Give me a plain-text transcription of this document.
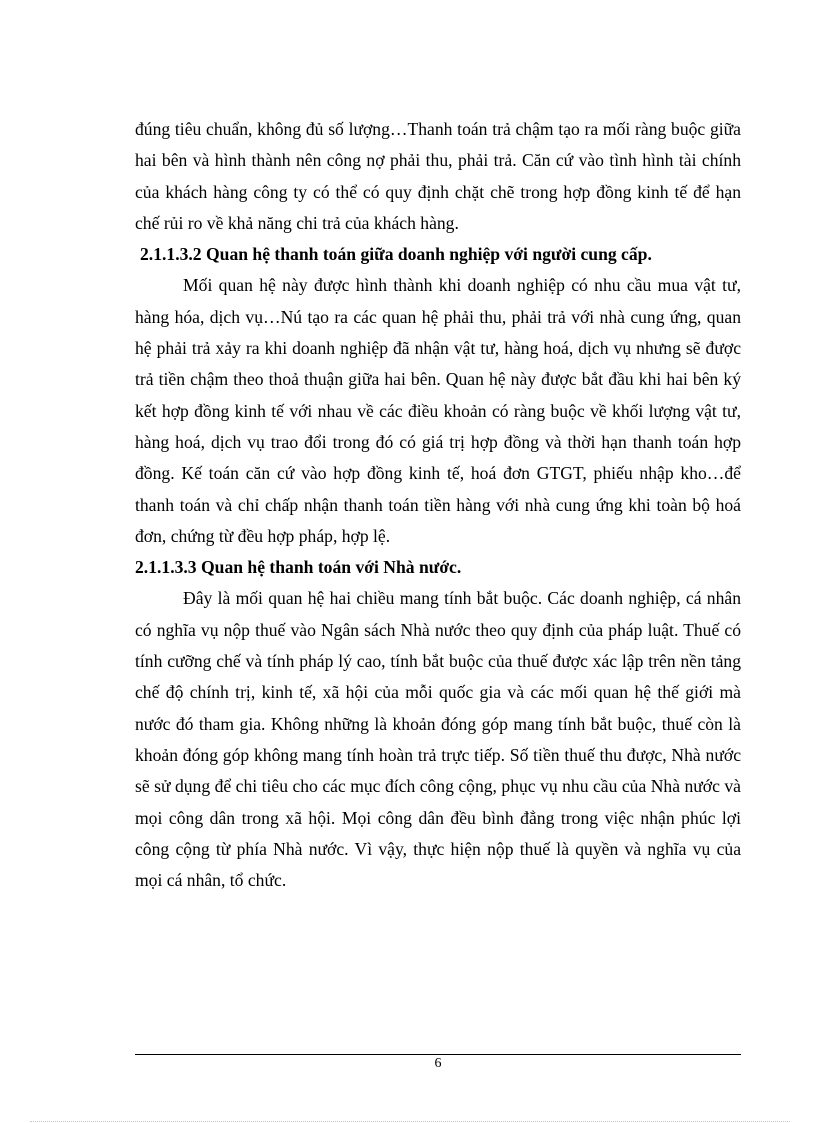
đúng tiêu chuẩn, không đủ số lượng…Thanh toán trả chậm tạo ra mối ràng buộc giữa hai bên và hình thành nên công nợ phải thu, phải trả. Căn cứ vào tình hình tài chính của khách hàng công ty có thể có quy định chặt chẽ trong hợp đồng kinh tế để hạn chế rủi ro về khả năng chi trả của khách hàng.

2.1.1.3.2 Quan hệ thanh toán giữa doanh nghiệp với người cung cấp.

Mối quan hệ này được hình thành khi doanh nghiệp có nhu cầu mua vật tư, hàng hóa, dịch vụ…Nú tạo ra các quan hệ phải thu, phải trả với nhà cung ứng, quan hệ phải trả xảy ra khi doanh nghiệp đã nhận vật tư, hàng hoá, dịch vụ nhưng sẽ được trả tiền chậm theo thoả thuận giữa hai bên. Quan hệ này được bắt đầu khi hai bên ký kết hợp đồng kinh tế với nhau về các điều khoản có ràng buộc về khối lượng vật tư, hàng hoá, dịch vụ trao đổi trong đó có giá trị hợp đồng và thời hạn thanh toán hợp đồng. Kế toán căn cứ vào hợp đồng kinh tế, hoá đơn GTGT, phiếu nhập kho…để thanh toán và chỉ chấp nhận thanh toán tiền hàng với nhà cung ứng khi toàn bộ hoá đơn, chứng từ đều hợp pháp, hợp lệ.

2.1.1.3.3 Quan hệ thanh toán với Nhà nước.

Đây là mối quan hệ hai chiều mang tính bắt buộc. Các doanh nghiệp, cá nhân có nghĩa vụ nộp thuế vào Ngân sách Nhà nước theo quy định của pháp luật. Thuế có tính cưỡng chế và tính pháp lý cao, tính bắt buộc của thuế được xác lập trên nền tảng chế độ chính trị, kinh tế, xã hội của mỗi quốc gia và các mối quan hệ thế giới mà nước đó tham gia. Không những là khoản đóng góp mang tính bắt buộc, thuế còn là khoản đóng góp không mang tính hoàn trả trực tiếp. Số tiền thuế thu được, Nhà nước sẽ sử dụng để chi tiêu cho các mục đích công cộng, phục vụ nhu cầu của Nhà nước và mọi công dân trong xã hội. Mọi công dân đều bình đẳng trong việc nhận phúc lợi công cộng từ phía Nhà nước. Vì vậy, thực hiện nộp thuế là quyền và nghĩa vụ của mọi cá nhân, tổ chức.

6
